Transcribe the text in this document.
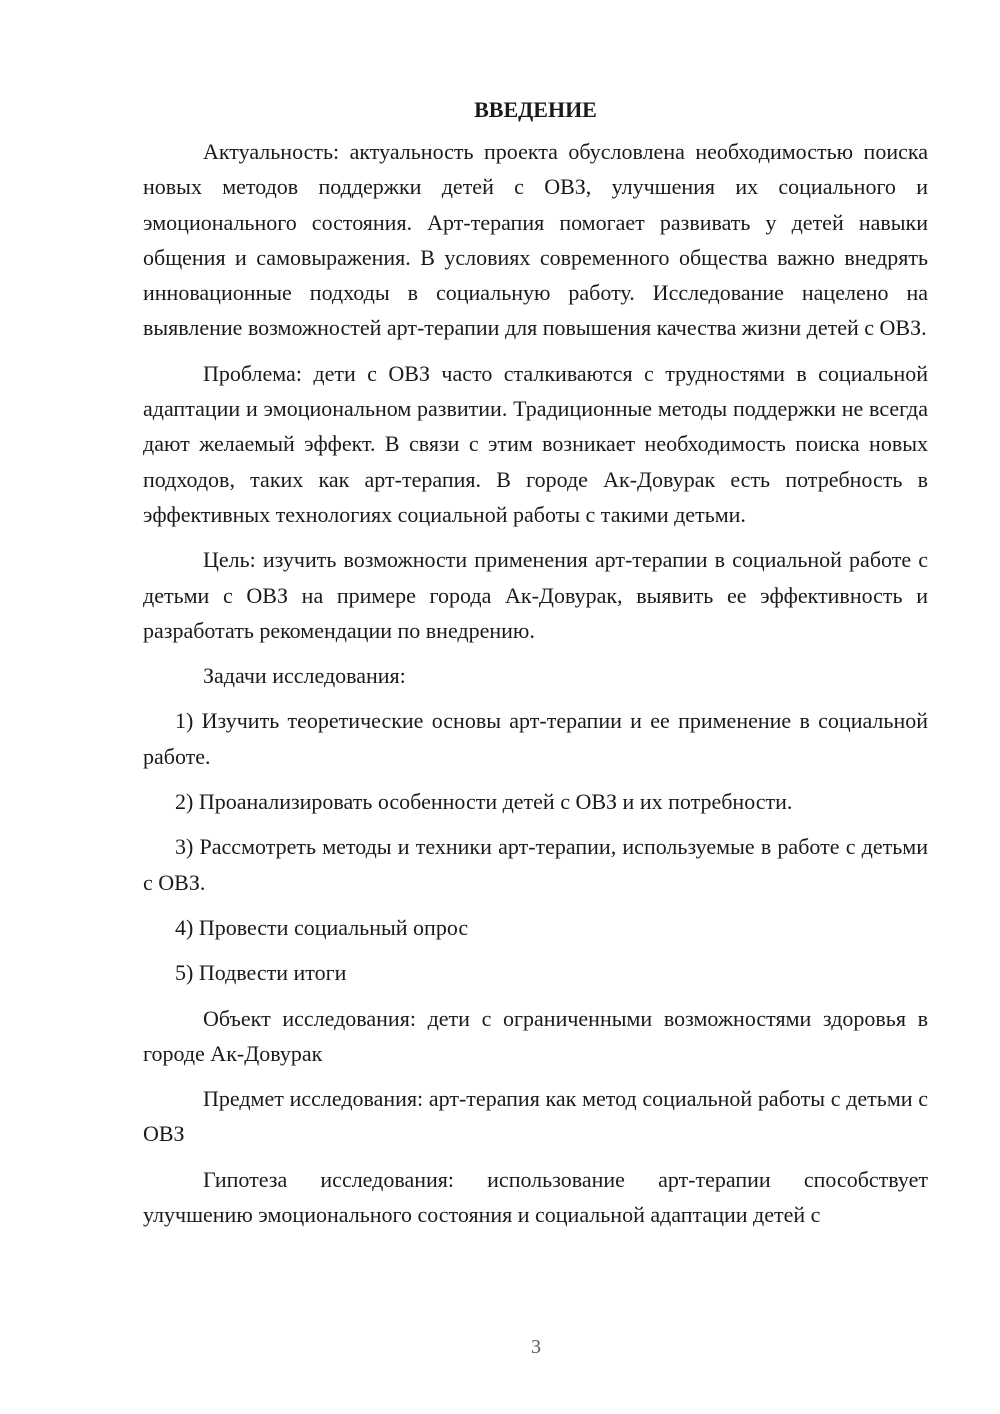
ВВЕДЕНИЕ

Актуальность: актуальность проекта обусловлена необходимостью поиска новых методов поддержки детей с ОВЗ, улучшения их социального и эмоционального состояния. Арт-терапия помогает развивать у детей навыки общения и самовыражения. В условиях современного общества важно внедрять инновационные подходы в социальную работу. Исследование нацелено на выявление возможностей арт-терапии для повышения качества жизни детей с ОВЗ.

Проблема: дети с ОВЗ часто сталкиваются с трудностями в социальной адаптации и эмоциональном развитии. Традиционные методы поддержки не всегда дают желаемый эффект. В связи с этим возникает необходимость поиска новых подходов, таких как арт-терапия. В городе Ак-Довурак есть потребность в эффективных технологиях социальной работы с такими детьми.

Цель: изучить возможности применения арт-терапии в социальной работе с детьми с ОВЗ на примере города Ак-Довурак, выявить ее эффективность и разработать рекомендации по внедрению.

Задачи исследования:

1) Изучить теоретические основы арт-терапии и ее применение в социальной работе.

2) Проанализировать особенности детей с ОВЗ и их потребности.

3) Рассмотреть методы и техники арт-терапии, используемые в работе с детьми с ОВЗ.

4) Провести социальный опрос

5) Подвести итоги

Объект исследования: дети с ограниченными возможностями здоровья в городе Ак-Довурак

Предмет исследования: арт-терапия как метод социальной работы с детьми с ОВЗ

Гипотеза исследования: использование арт-терапии способствует улучшению эмоционального состояния и социальной адаптации детей с

3
